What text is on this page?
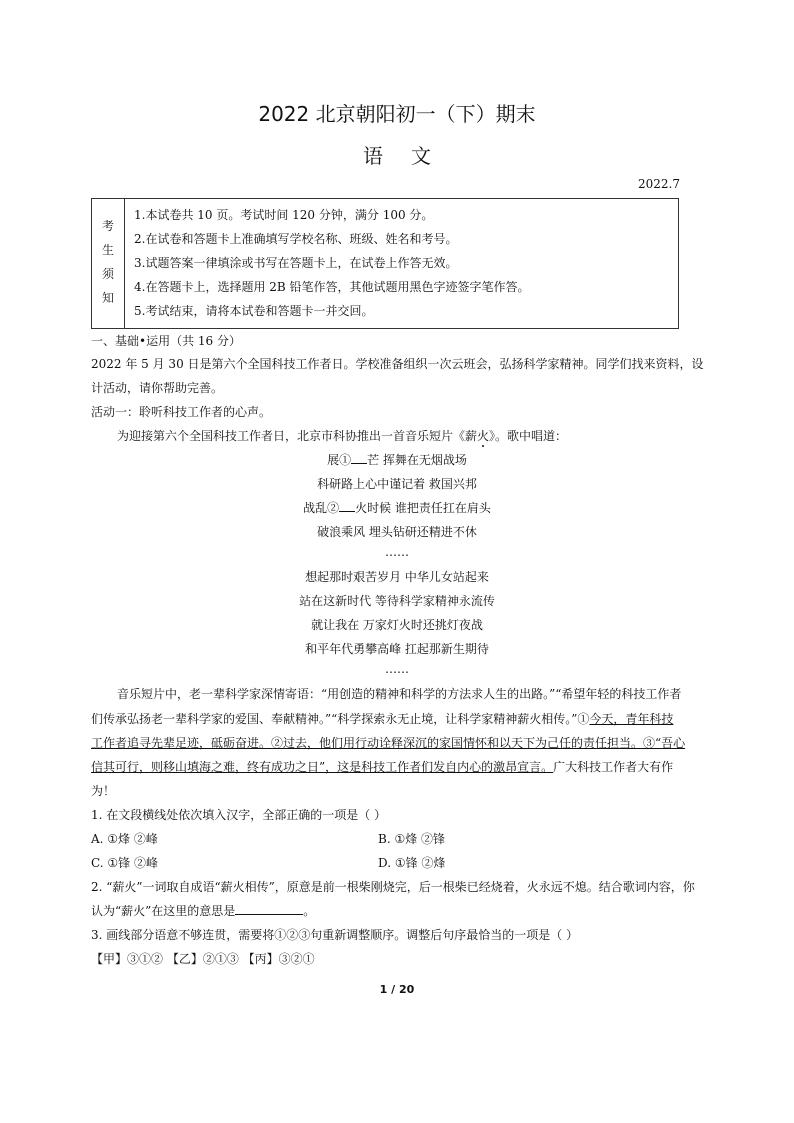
2022 北京朝阳初一（下）期末
语文
2022.7
考
生
须
知
1.本试卷共 10 页。考试时间 120 分钟，满分 100 分。
2.在试卷和答题卡上准确填写学校名称、班级、姓名和考号。
3.试题答案一律填涂或书写在答题卡上，在试卷上作答无效。
4.在答题卡上，选择题用 2B 铅笔作答，其他试题用黑色字迹签字笔作答。
5.考试结束，请将本试卷和答题卡一并交回。
一、基础•运用（共 16 分）
2022 年 5 月 30 日是第六个全国科技工作者日。学校准备组织一次云班会，弘扬科学家精神。同学们找来资料，设
计活动，请你帮助完善。
活动一：聆听科技工作者的心声。
为迎接第六个全国科技工作者日，北京市科协推出一首音乐短片《薪火》。歌中唱道：
展① 芒 挥舞在无烟战场
科研路上心中谨记着 救国兴邦
战乱② 火时候 谁把责任扛在肩头
破浪乘风 埋头钻研还精进不休
……
想起那时艰苦岁月 中华儿女站起来
站在这新时代 等待科学家精神永流传
就让我在 万家灯火时还挑灯夜战
和平年代勇攀高峰 扛起那新生期待
……
音乐短片中，老一辈科学家深情寄语：“用创造的精神和科学的方法求人生的出路。”“希望年轻的科技工作者
们传承弘扬老一辈科学家的爱国、奉献精神。”“科学探索永无止境，让科学家精神薪火相传。”①今天，青年科技
工作者追寻先辈足迹，砥砺奋进。②过去，他们用行动诠释深沉的家国情怀和以天下为己任的责任担当。③“吾心
信其可行，则移山填海之难，终有成功之日”，这是科技工作者们发自内心的激昂宣言。广大科技工作者大有作
为！
1. 在文段横线处依次填入汉字，全部正确的一项是（ ）
A. ①烽 ②峰	B. ①烽 ②锋
C. ①锋 ②峰	D. ①锋 ②烽
2. “薪火”一词取自成语“薪火相传”，原意是前一根柴刚烧完，后一根柴已经烧着，火永远不熄。结合歌词内容，你
认为“薪火”在这里的意思是	。
3. 画线部分语意不够连贯，需要将①②③句重新调整顺序。调整后句序最恰当的一项是（ ）
【甲】③①② 【乙】②①③ 【丙】③②①
1 / 20
